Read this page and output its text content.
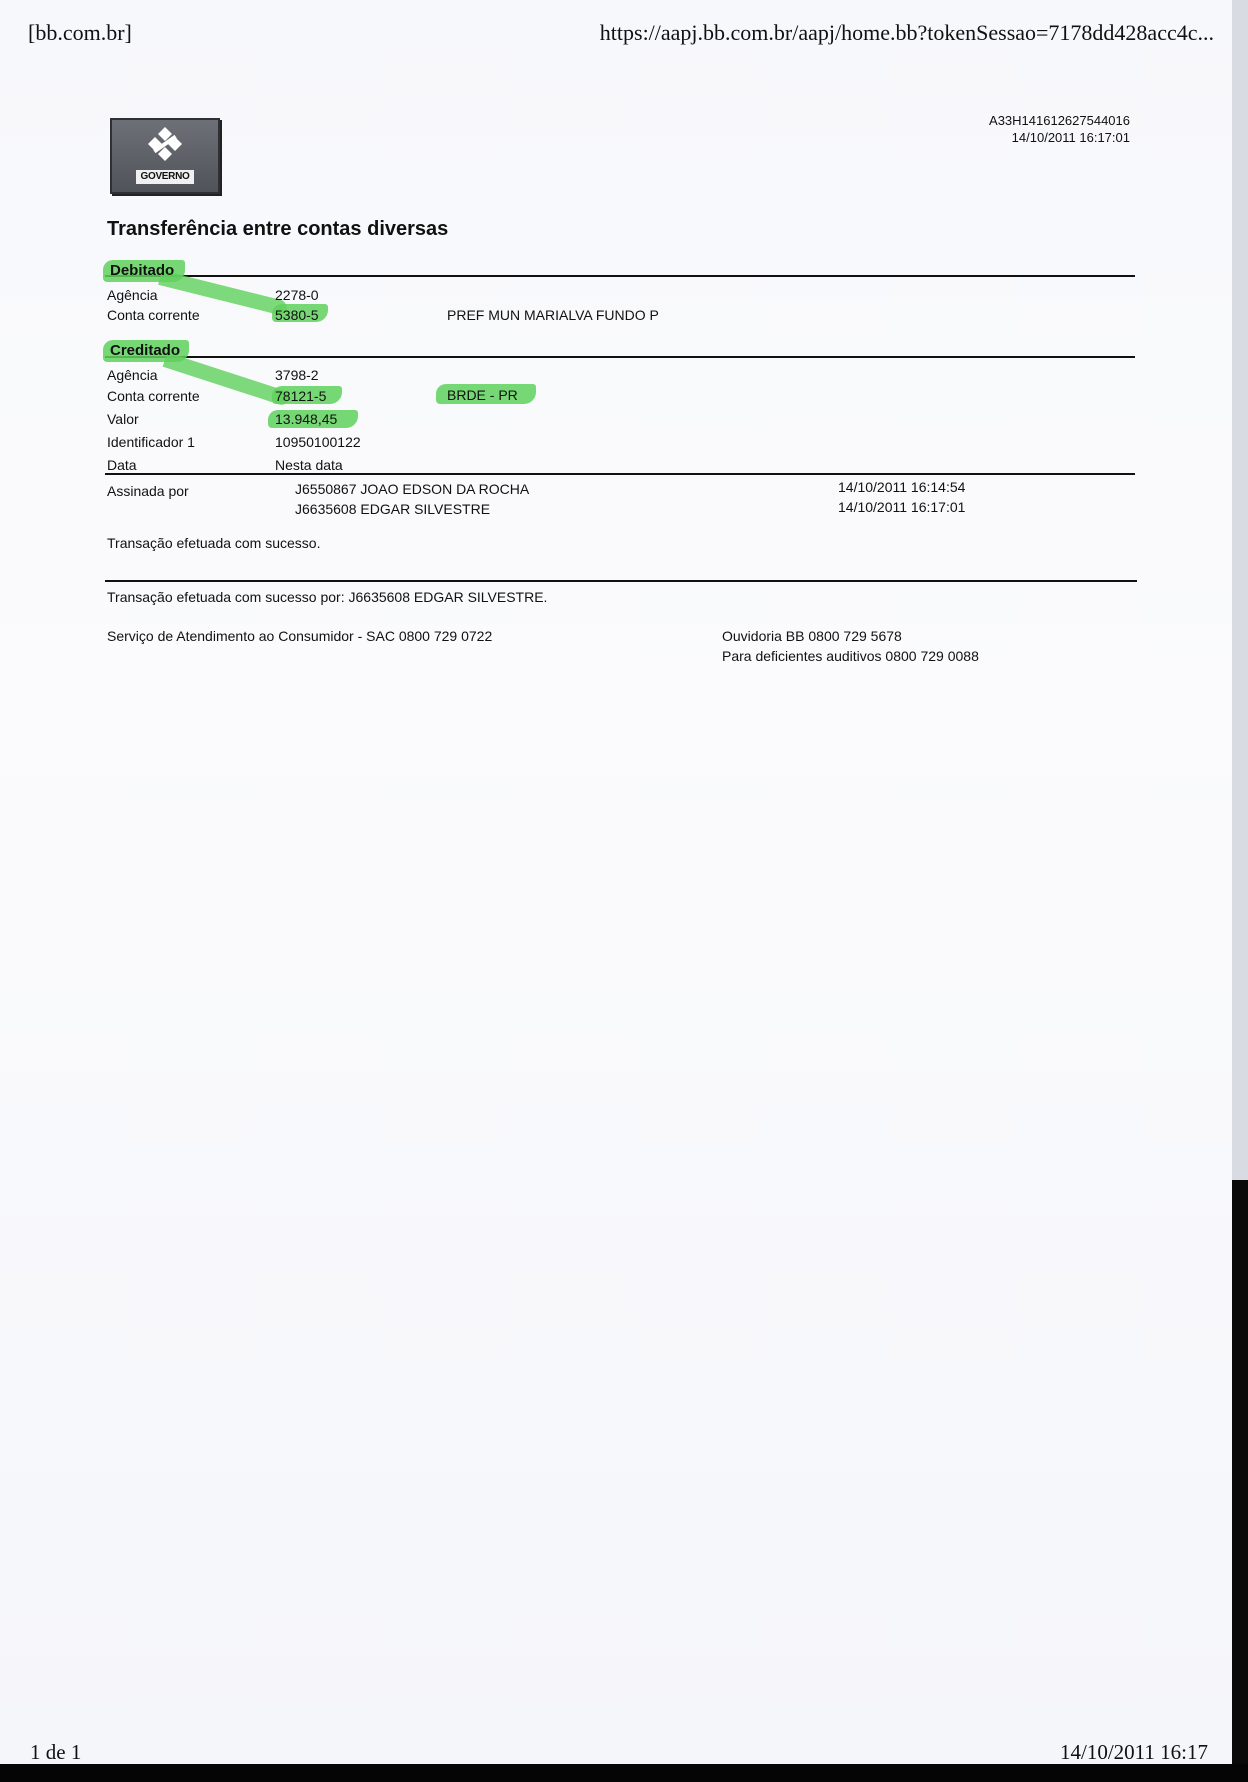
[bb.com.br]	https://aapj.bb.com.br/aapj/home.bb?tokenSessao=7178dd428acc4c...
GOVERNO
A33H141612627544016
14/10/2011 16:17:01
Transferência entre contas diversas
Debitado
Agência	2278-0
Conta corrente	5380-5	PREF MUN MARIALVA FUNDO P
Creditado
Agência	3798-2
Conta corrente	78121-5	BRDE - PR
Valor	13.948,45
Identificador 1	10950100122
Data	Nesta data
Assinada por	J6550867 JOAO EDSON DA ROCHA	14/10/2011 16:14:54
J6635608 EDGAR SILVESTRE	14/10/2011 16:17:01
Transação efetuada com sucesso.
Transação efetuada com sucesso por: J6635608 EDGAR SILVESTRE.
Serviço de Atendimento ao Consumidor - SAC 0800 729 0722	Ouvidoria BB 0800 729 5678
Para deficientes auditivos 0800 729 0088
1 de 1	14/10/2011 16:17
